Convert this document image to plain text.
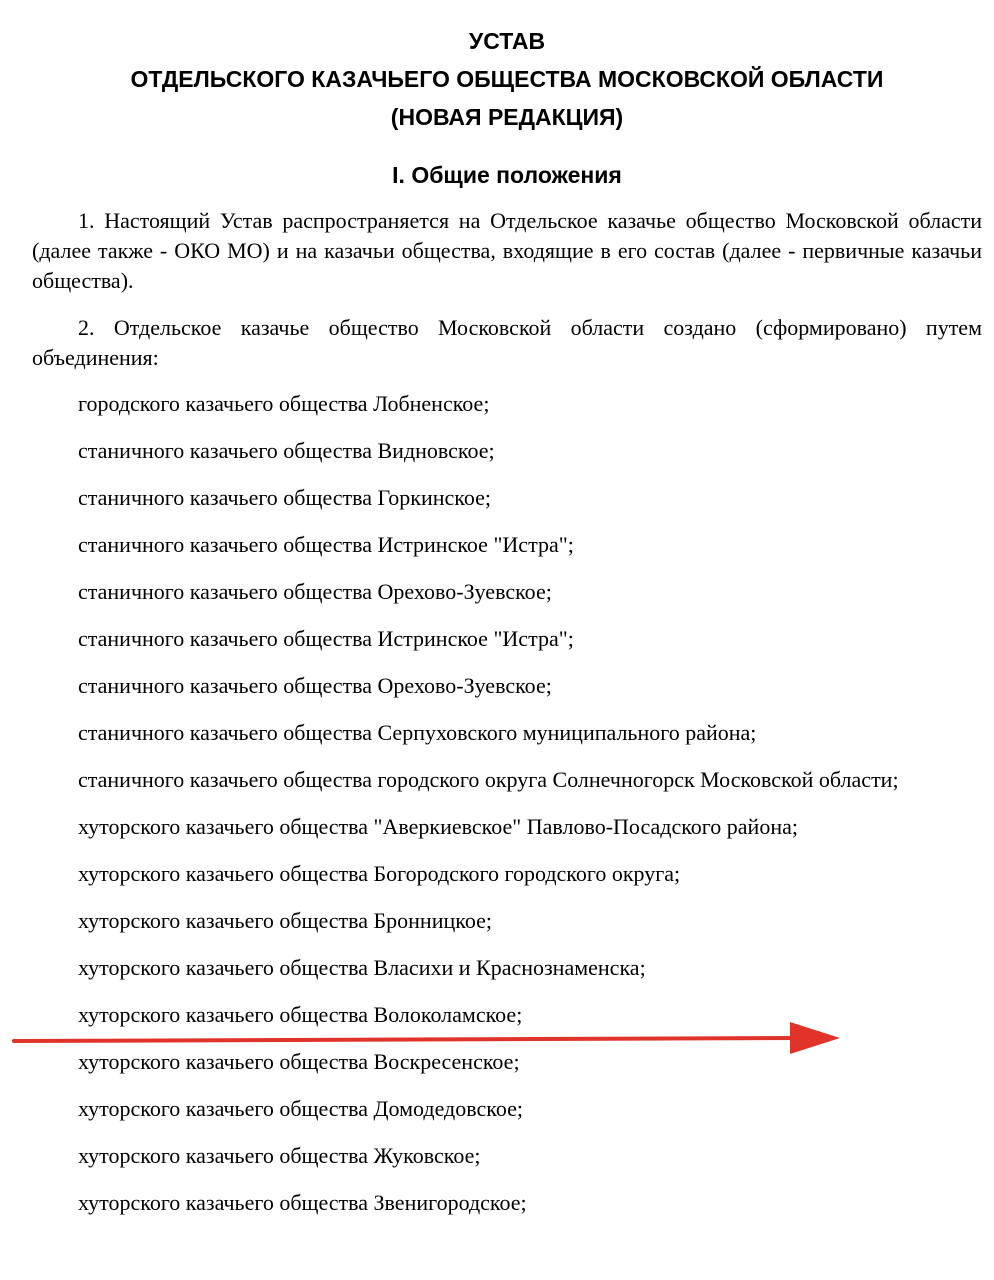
УСТАВ

ОТДЕЛЬСКОГО КАЗАЧЬЕГО ОБЩЕСТВА МОСКОВСКОЙ ОБЛАСТИ

(НОВАЯ РЕДАКЦИЯ)

I. Общие положения

1. Настоящий Устав распространяется на Отдельское казачье общество Московской области (далее также - ОКО МО) и на казачьи общества, входящие в его состав (далее - первичные казачьи общества).

2. Отдельское казачье общество Московской области создано (сформировано) путем объединения:

городского казачьего общества Лобненское;

станичного казачьего общества Видновское;

станичного казачьего общества Горкинское;

станичного казачьего общества Истринское "Истра";

станичного казачьего общества Орехово-Зуевское;

станичного казачьего общества Истринское "Истра";

станичного казачьего общества Орехово-Зуевское;

станичного казачьего общества Серпуховского муниципального района;

станичного казачьего общества городского округа Солнечногорск Московской области;

хуторского казачьего общества "Аверкиевское" Павлово-Посадского района;

хуторского казачьего общества Богородского городского округа;

хуторского казачьего общества Бронницкое;

хуторского казачьего общества Власихи и Краснознаменска;

хуторского казачьего общества Волоколамское;

хуторского казачьего общества Воскресенское;

хуторского казачьего общества Домодедовское;

хуторского казачьего общества Жуковское;

хуторского казачьего общества Звенигородское;
